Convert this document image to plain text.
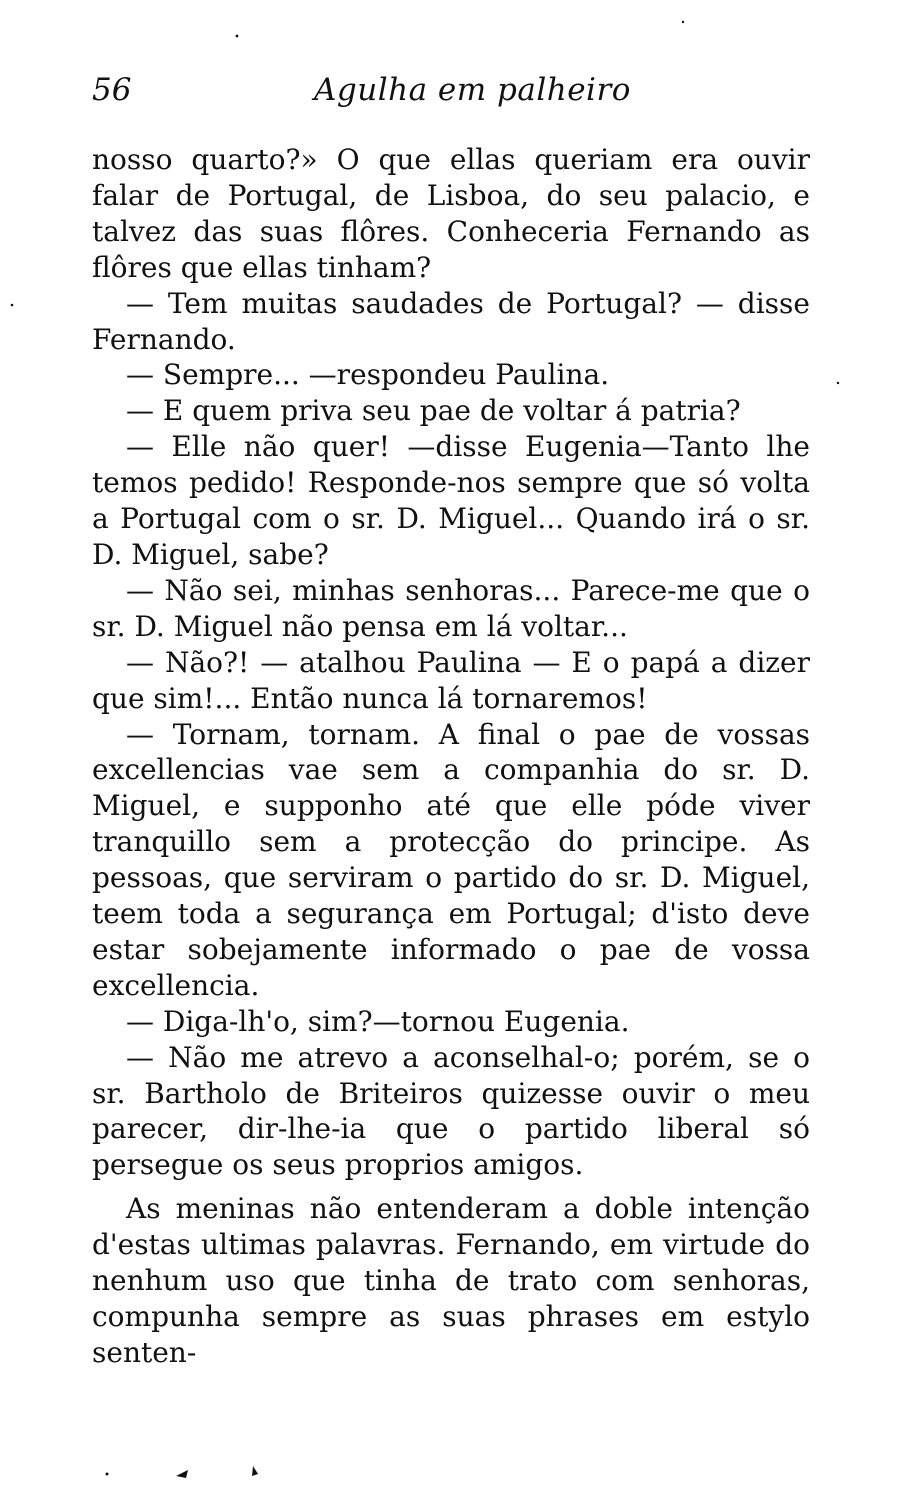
56	Agulha em palheiro

nosso quarto?» O que ellas queriam era ouvir falar de Portugal, de Lisboa, do seu palacio, e talvez das suas flôres. Conheceria Fernando as flôres que ellas tinham?

— Tem muitas saudades de Portugal? — disse Fernando.

— Sempre... —respondeu Paulina.

— E quem priva seu pae de voltar á patria?

— Elle não quer! —disse Eugenia—Tanto lhe temos pedido! Responde-nos sempre que só volta a Portugal com o sr. D. Miguel... Quando irá o sr. D. Miguel, sabe?

— Não sei, minhas senhoras... Parece-me que o sr. D. Miguel não pensa em lá voltar...

— Não?! — atalhou Paulina — E o papá a dizer que sim!... Então nunca lá tornaremos!

— Tornam, tornam. A final o pae de vossas excellencias vae sem a companhia do sr. D. Miguel, e supponho até que elle póde viver tranquillo sem a protecção do principe. As pessoas, que serviram o partido do sr. D. Miguel, teem toda a segurança em Portugal; d'isto deve estar sobejamente informado o pae de vossa excellencia.

— Diga-lh'o, sim?—tornou Eugenia.

— Não me atrevo a aconselhal-o; porém, se o sr. Bartholo de Briteiros quizesse ouvir o meu parecer, dir-lhe-ia que o partido liberal só persegue os seus proprios amigos.

As meninas não entenderam a doble intenção d'estas ultimas palavras. Fernando, em virtude do nenhum uso que tinha de trato com senhoras, compunha sempre as suas phrases em estylo senten-
